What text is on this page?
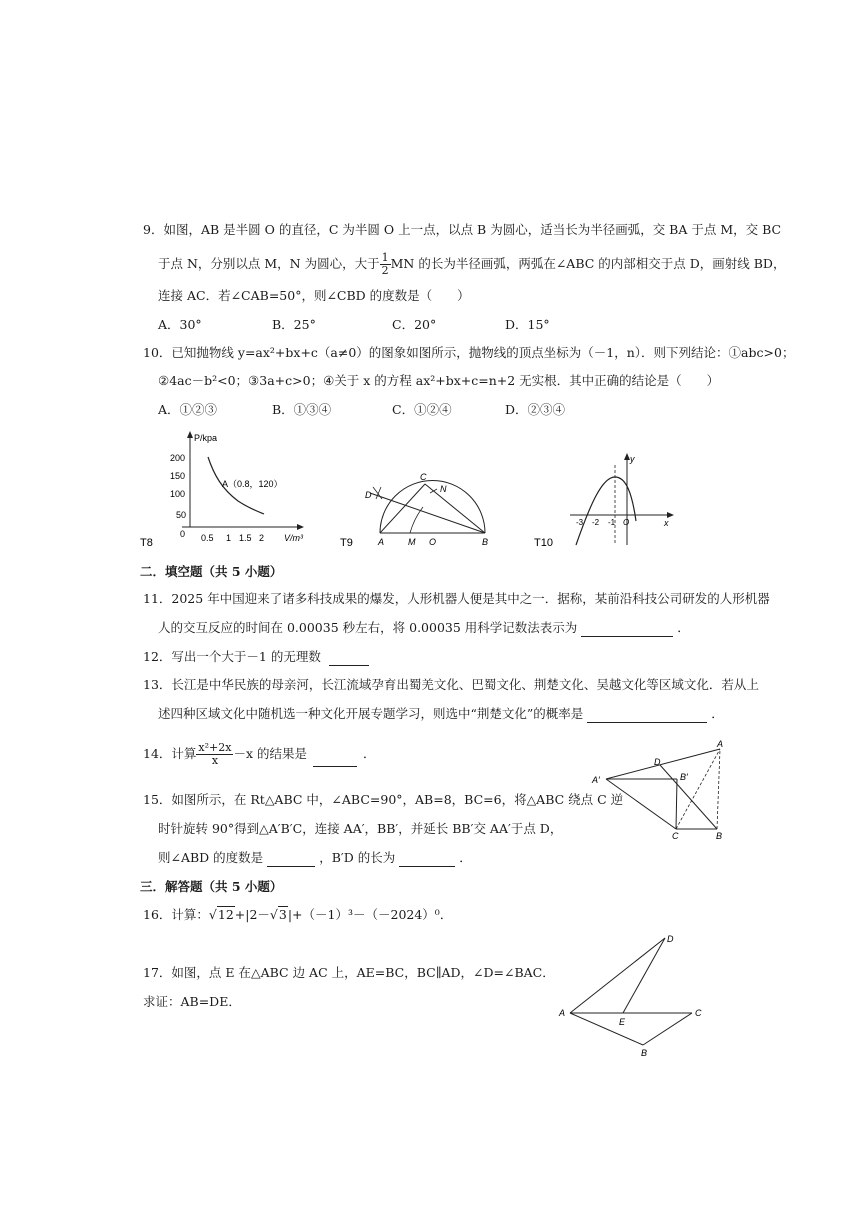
9．如图，AB 是半圆 O 的直径，C 为半圆 O 上一点，以点 B 为圆心，适当长为半径画弧，交 BA 于点 M，交 BC
于点 N，分别以点 M，N 为圆心，大于 $\frac{1}{2}$ MN 的长为半径画弧，两弧在∠ABC 的内部相交于点 D，画射线 BD，
连接 AC．若∠CAB=50°，则∠CBD 的度数是（　　）
A．30°	B．25°	C．20°	D．15°
10．已知抛物线 y=ax²+bx+c（a≠0）的图象如图所示，抛物线的顶点坐标为（－1，n）．则下列结论：①abc>0；
②4ac－b²<0；③3a+c>0；④关于 x 的方程 ax²+bx+c=n+2 无实根．其中正确的结论是（　　）
A．①②③	B．①③④	C．①②④	D．②③④
P/kpa
V/m³
200
150
100
50
0 0.5 1 1.5 2
A（0.8，120）
T8
D
C
N
A	M O	B
T9
y
x
-3 -2 -1 O
T10
二．填空题（共 5 小题）
11．2025 年中国迎来了诸多科技成果的爆发，人形机器人便是其中之一．据称，某前沿科技公司研发的人形机器
人的交互反应的时间在 0.00035 秒左右，将 0.00035 用科学记数法表示为	．
12．写出一个大于－1 的无理数
13．长江是中华民族的母亲河，长江流域孕育出蜀羌文化、巴蜀文化、荆楚文化、吴越文化等区域文化．若从上
述四种区域文化中随机选一种文化开展专题学习，则选中“荆楚文化”的概率是	．
14．计算 $\frac{\text{x²+2x}}{x} -x$ 的结果是	．
15．如图所示，在 Rt△ABC 中，∠ABC=90°，AB=8，BC=6，将△ABC 绕点 C 逆
时针旋转 90°得到△A′B′C，连接 AA′，BB′，并延长 BB′交 AA′于点 D，
则∠ABD 的度数是	，B′D 的长为	．
A
D
B′
A′
C	B
三．解答题（共 5 小题）
16．计算：√12+|2－√3|+（－1）³－（－2024）⁰．
17．如图，点 E 在△ABC 边 AC 上，AE=BC，BC∥AD，∠D=∠BAC．
求证：AB=DE．
D
A
E
C
B
